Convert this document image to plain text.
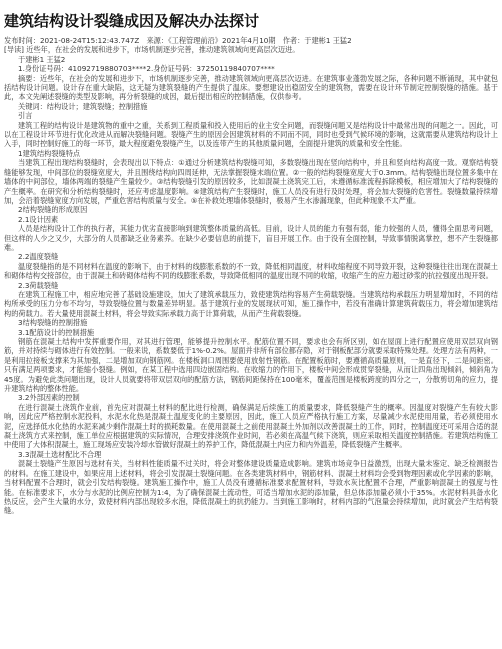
建筑结构设计裂缝成因及解决办法探讨
发布时间：2021-08-24T15:12:43.747Z　来源：《工程管理前沿》2021年4月10期　作者：于建彬1 王猛2
[导读] 近些年，在社会的发展和进步下，市场机制逐步完善，推动建筑领域向更高层次迈进。

于建彬1 王猛2

1.身份证号码：41092719880703****2.身份证号码：37250119840707****

摘要：近些年，在社会的发展和进步下，市场机制逐步完善，推动建筑领域向更高层次迈进。在建筑事业蓬勃发展之际，各种问题不断涌现，其中就包括结构设计问题。设计存在重大缺陷，这无疑为建筑裂缝的产生提供了温床。要想建设出稳固安全的建筑物，需要在设计环节制定控制裂缝的措施。基于此，本文先阐述裂缝的类型及影响，再分析裂缝的成因，最后提出相应的控制措施，仅供参考。

关键词：结构设计；建筑裂缝；控制措施

引言

建筑工程的结构设计是建筑物的重中之重，关系到工程质量和投入使用后的业主安全问题，而裂缝问题又是结构设计中最常出现的问题之一。因此，可以在工程设计环节进行优化改进从而解决裂缝问题。裂缝产生的原因会因建筑材料的不同而不同，同时也受到气候环境的影响，这就需要从建筑结构设计上入手，同时控制好施工的每一环节，最大程度避免裂缝产生，以及连带产生的其他质量问题，全面提升建筑的质量和安全性能。

1建筑结构裂缝特点

当建筑工程出现结构裂缝时，会表现出以下特点：①通过分析建筑结构裂缝可知，多数裂缝出现在竖向结构中，并且和竖向结构高度一致。观察结构裂缝能够发现，中间部位的裂缝宽度大，并且围绕结构向四周延伸，无法掌握裂缝末端位置。②一般的结构裂缝宽度大于0.3mm。结构裂缝出现位置多集中在墙体的中间部位，墙体两端的裂缝产生量较少。③结构裂缝引发的原因较多，比如混凝土浇筑完工后，未遵循标准流程拆除模板，相应增加大了结构裂缝的产生概率。在研究和分析结构裂缝时，还应考虑温度影响。④建筑结构产生裂缝时，施工人员没有进行及时处理，将会加大裂缝的危害性。裂缝数量持续增加，会沿着裂缝宽度方向发展，严重危害结构质量与安全。⑤在补救处理墙体裂缝时，极易产生水渗漏现象，但此种现象不太严重。

2结构裂缝的形成原因

2.1设计因素

人员是结构设计工作的执行者，其能力优劣直接影响到建筑整体质量的高低。目前，设计人员的能力有强有弱，能力较强的人员，懂得全面思考问题，但这样的人少之又少，大部分的人员都缺乏业务素养。在缺少必要信息的前提下，盲目开展工作。由于没有全面控制，导致事情脱离掌控，想不产生裂缝都难。

2.2温度裂缝

温度裂缝指的是不同材料在温度的影响下，由于材料的线膨胀系数的不一致，降低相同温度，材料收缩程度不同导致开裂，这种裂缝往往出现在混凝土和砌体结构交接部位，由于混凝土和砖砌体结构不同的线膨胀系数，导致降低相同的温度出现不同的收缩，收缩产生的应力超过砂浆的抗拉强度出现开裂。

2.3荷载裂缝

在建筑工程施工中，相应地完善了基础设施建设，加大了建筑承载压力，致使建筑结构容易产生荷载裂缝。当建筑结构承载压力明显增加时，不同的结构所承受的压力分布不均匀，导致裂缝位置与数量差异明显。基于建筑行业的发展现状可知，施工操作中，若没有准确计算建筑荷载压力，将会增加建筑结构的荷载力。若大量使用混凝土材料，将会导致实际承载力高于计算荷载，从而产生荷载裂缝。

3结构裂缝的控制措施

3.1配筋设计的控制措施

钢筋在混凝土结构中发挥重要作用，对其进行管理，能够提升控制水平。配筋位置不同，要求也会有所区别，如在屋面上进行配置应使用双层双向钢筋，并对持续与砌体进行有效控制。一般来说，系数要低于1%-0.2%。屋面并非所有部位都存隐，对于钢板配部分就要采取特殊处理。处理方法有两种，一是利用拉接板支撑来为其加强，二是增加双向钢筋网。在楼板洞口周围要使用放射性钢筋。在配置板筋时，要遵循高质量原则，一是直径下，二是间距密。只有满足两项要求，才能缩小裂缝。例如，在某工程中选用四边嵌固结构。在收缩力的作用下，楼板中间会形成贯穿裂缝，从而让四角出现倾斜，倾斜角为45度。为避免此类问题出现，设计人员就要将带双层双向的配筋方法，钢筋间距保持在100毫米，覆盖范围是楼板跨度的四分之一，分散剪切角的应力，提升建筑结构的整体性能。

3.2外部因素的控制

在进行混凝土浇筑作业前，首先应对混凝土材料的配比进行检测，确保满足后续施工的质量要求，降低裂缝产生的概率。因温度对裂缝产生有较大影响，因此应严格控制水泥投料，水泥水化热是混凝土温度变化的主要原因，因此，施工人员应严格执行施工方案，尽量减少水泥使用用量，若必须使用水泥，应选择低水化热的水泥来减少剩作混凝土时的损耗数量。在使用混凝土之前使用混凝土外加剂以改善混凝土的工作，同时，控制温度还可采用合适的混凝土浇筑方式来控制，施工单位应根据建筑的实际情况，合理安排浇筑作业时间，若必须在高温气候下浇筑，则应采取相关温度控制措施。若建筑结构施工中使用了大体积混凝土，施工现场应安装冷却水管做好混凝土的养护工作，降低混凝土内应力和内外温差，降低裂缝产生概率。

3.3混凝土选材配比不合理

混凝土裂缝产生原因与选材有关，当材料性能质量不过关时，将会对整体建设质量造成影响。建筑市场竞争日益激烈，出现大量未鉴定、缺乏检测报告的材料。在施工建设中，如果应用上述材料，将会引发混凝土裂缝问题。在各类建筑材料中，钢筋材料、混凝土材料均会受到物理因素或化学因素的影响，当材料配置不合理时，就会引发结构裂缝。建筑施工操作中，施工人员没有遵循标准要求配置材料，导致水灰比配置不合理，严重影响混凝土的强度与性能。在标准要求下，水分与水泥的比例应控制为1:4，为了确保混凝土流动性，可适当增加水泥的添加量，但总体添加量必须小于35%。水泥材料具备水化热反应，会产生大量的水分，致使材料内部出现较多水泡，降低混凝土的抗扔能力。当到施工影响时，材料内部的气泡量会持续增加，此时就会产生结构裂缝。
